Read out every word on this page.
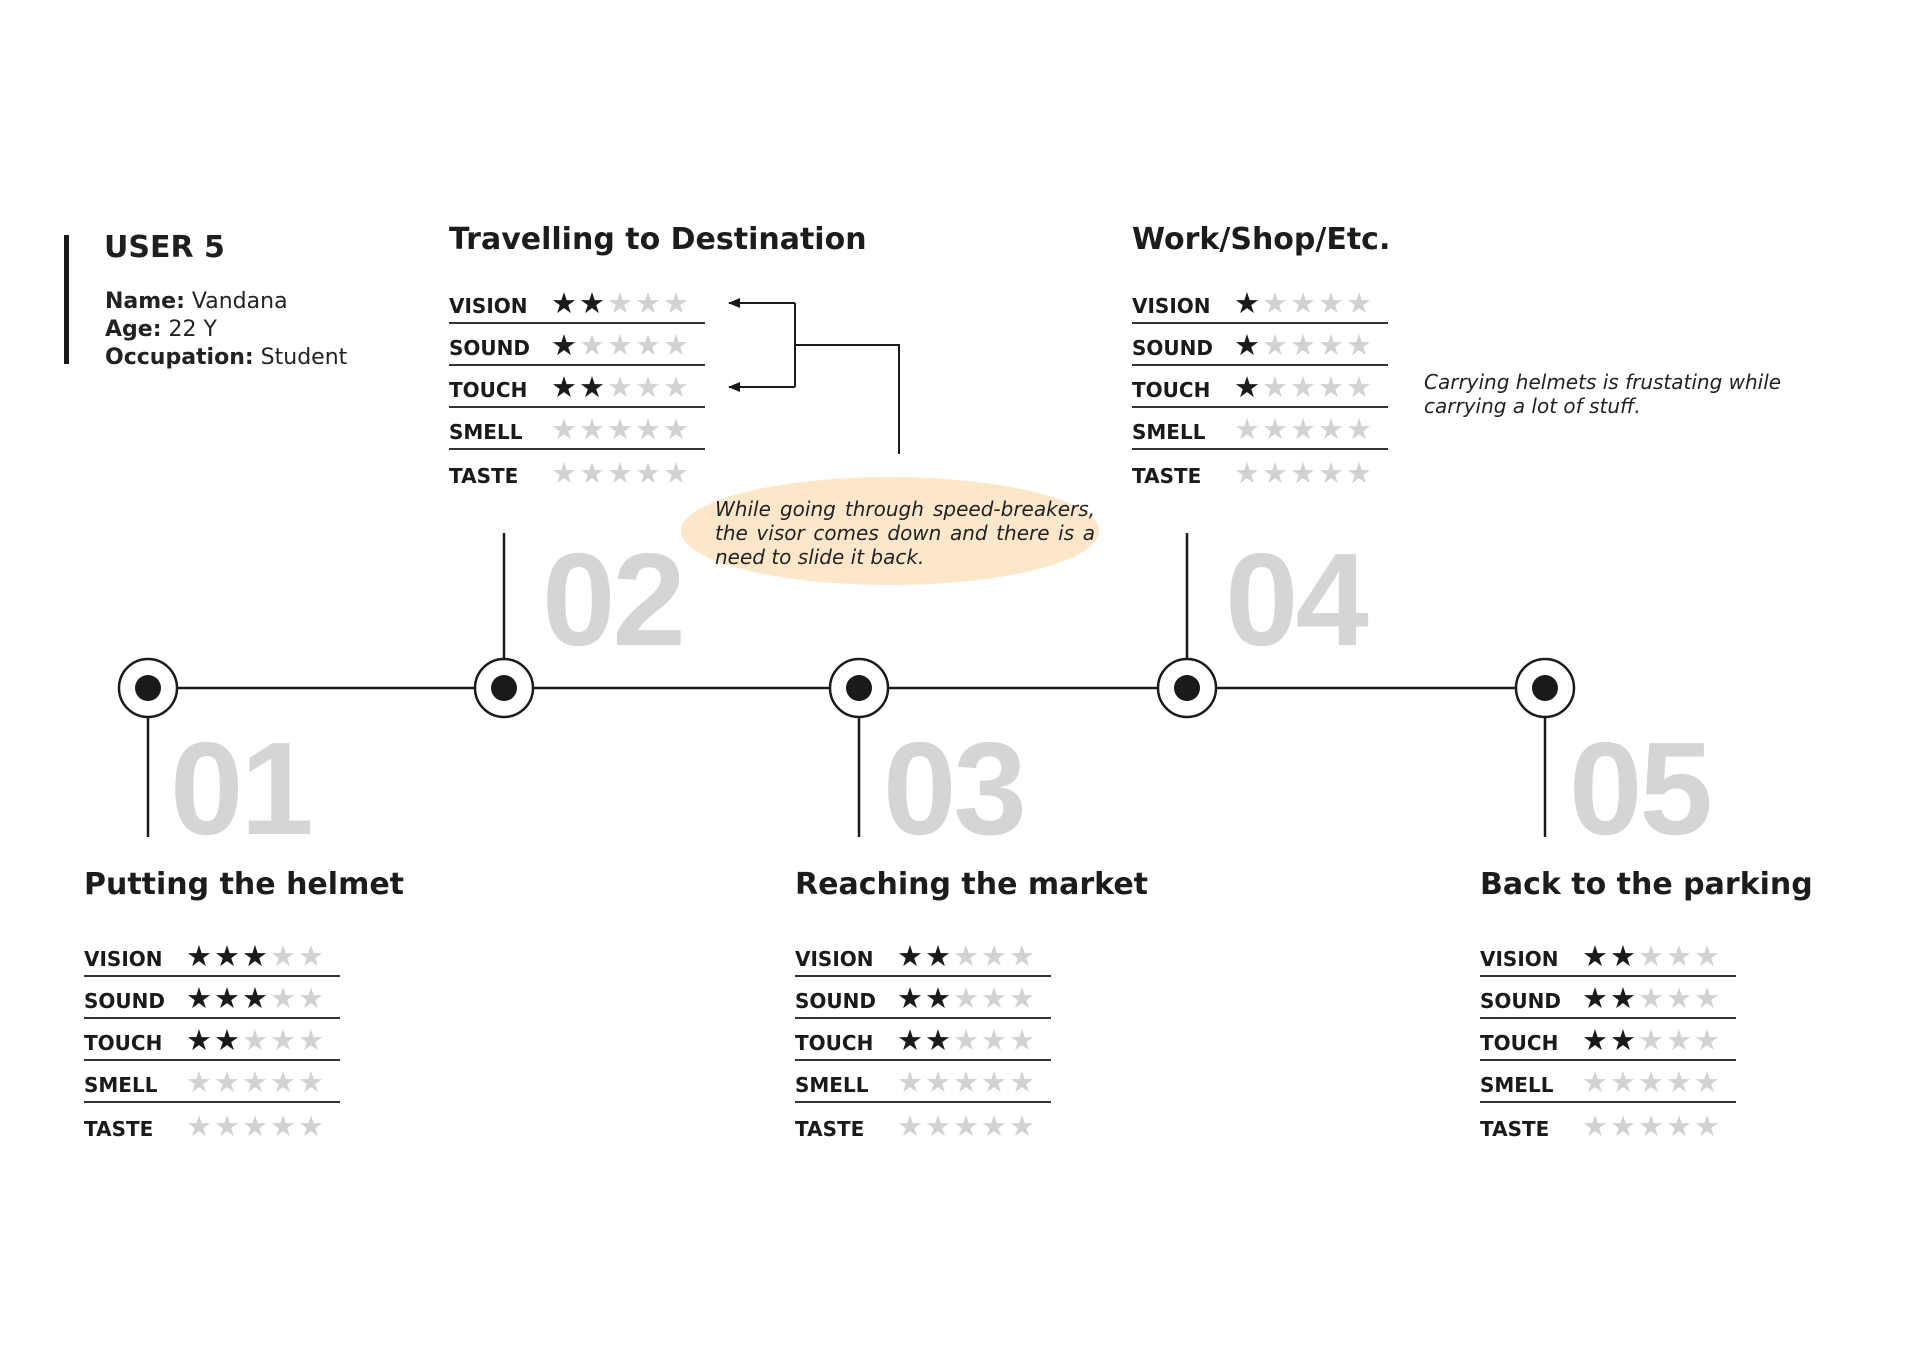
USER 5
Name: Vandana
Age: 22 Y
Occupation: Student
01
02
03
04
05
Putting the helmet
Travelling to Destination
Reaching the market
Work/Shop/Etc.
Back to the parking
VISION ★★★★★
SOUND ★★★★★
TOUCH ★★★★★
SMELL ★★★★★
TASTE ★★★★★
VISION ★★★★★
SOUND ★★★★★
TOUCH ★★★★★
SMELL ★★★★★
TASTE ★★★★★
VISION ★★★★★
SOUND ★★★★★
TOUCH ★★★★★
SMELL ★★★★★
TASTE ★★★★★
VISION ★★★★★
SOUND ★★★★★
TOUCH ★★★★★
SMELL ★★★★★
TASTE ★★★★★
VISION ★★★★★
SOUND ★★★★★
TOUCH ★★★★★
SMELL ★★★★★
TASTE ★★★★★
While going through speed-breakers, the visor comes down and there is a need to slide it back.
Carrying helmets is frustating while carrying a lot of stuff.
